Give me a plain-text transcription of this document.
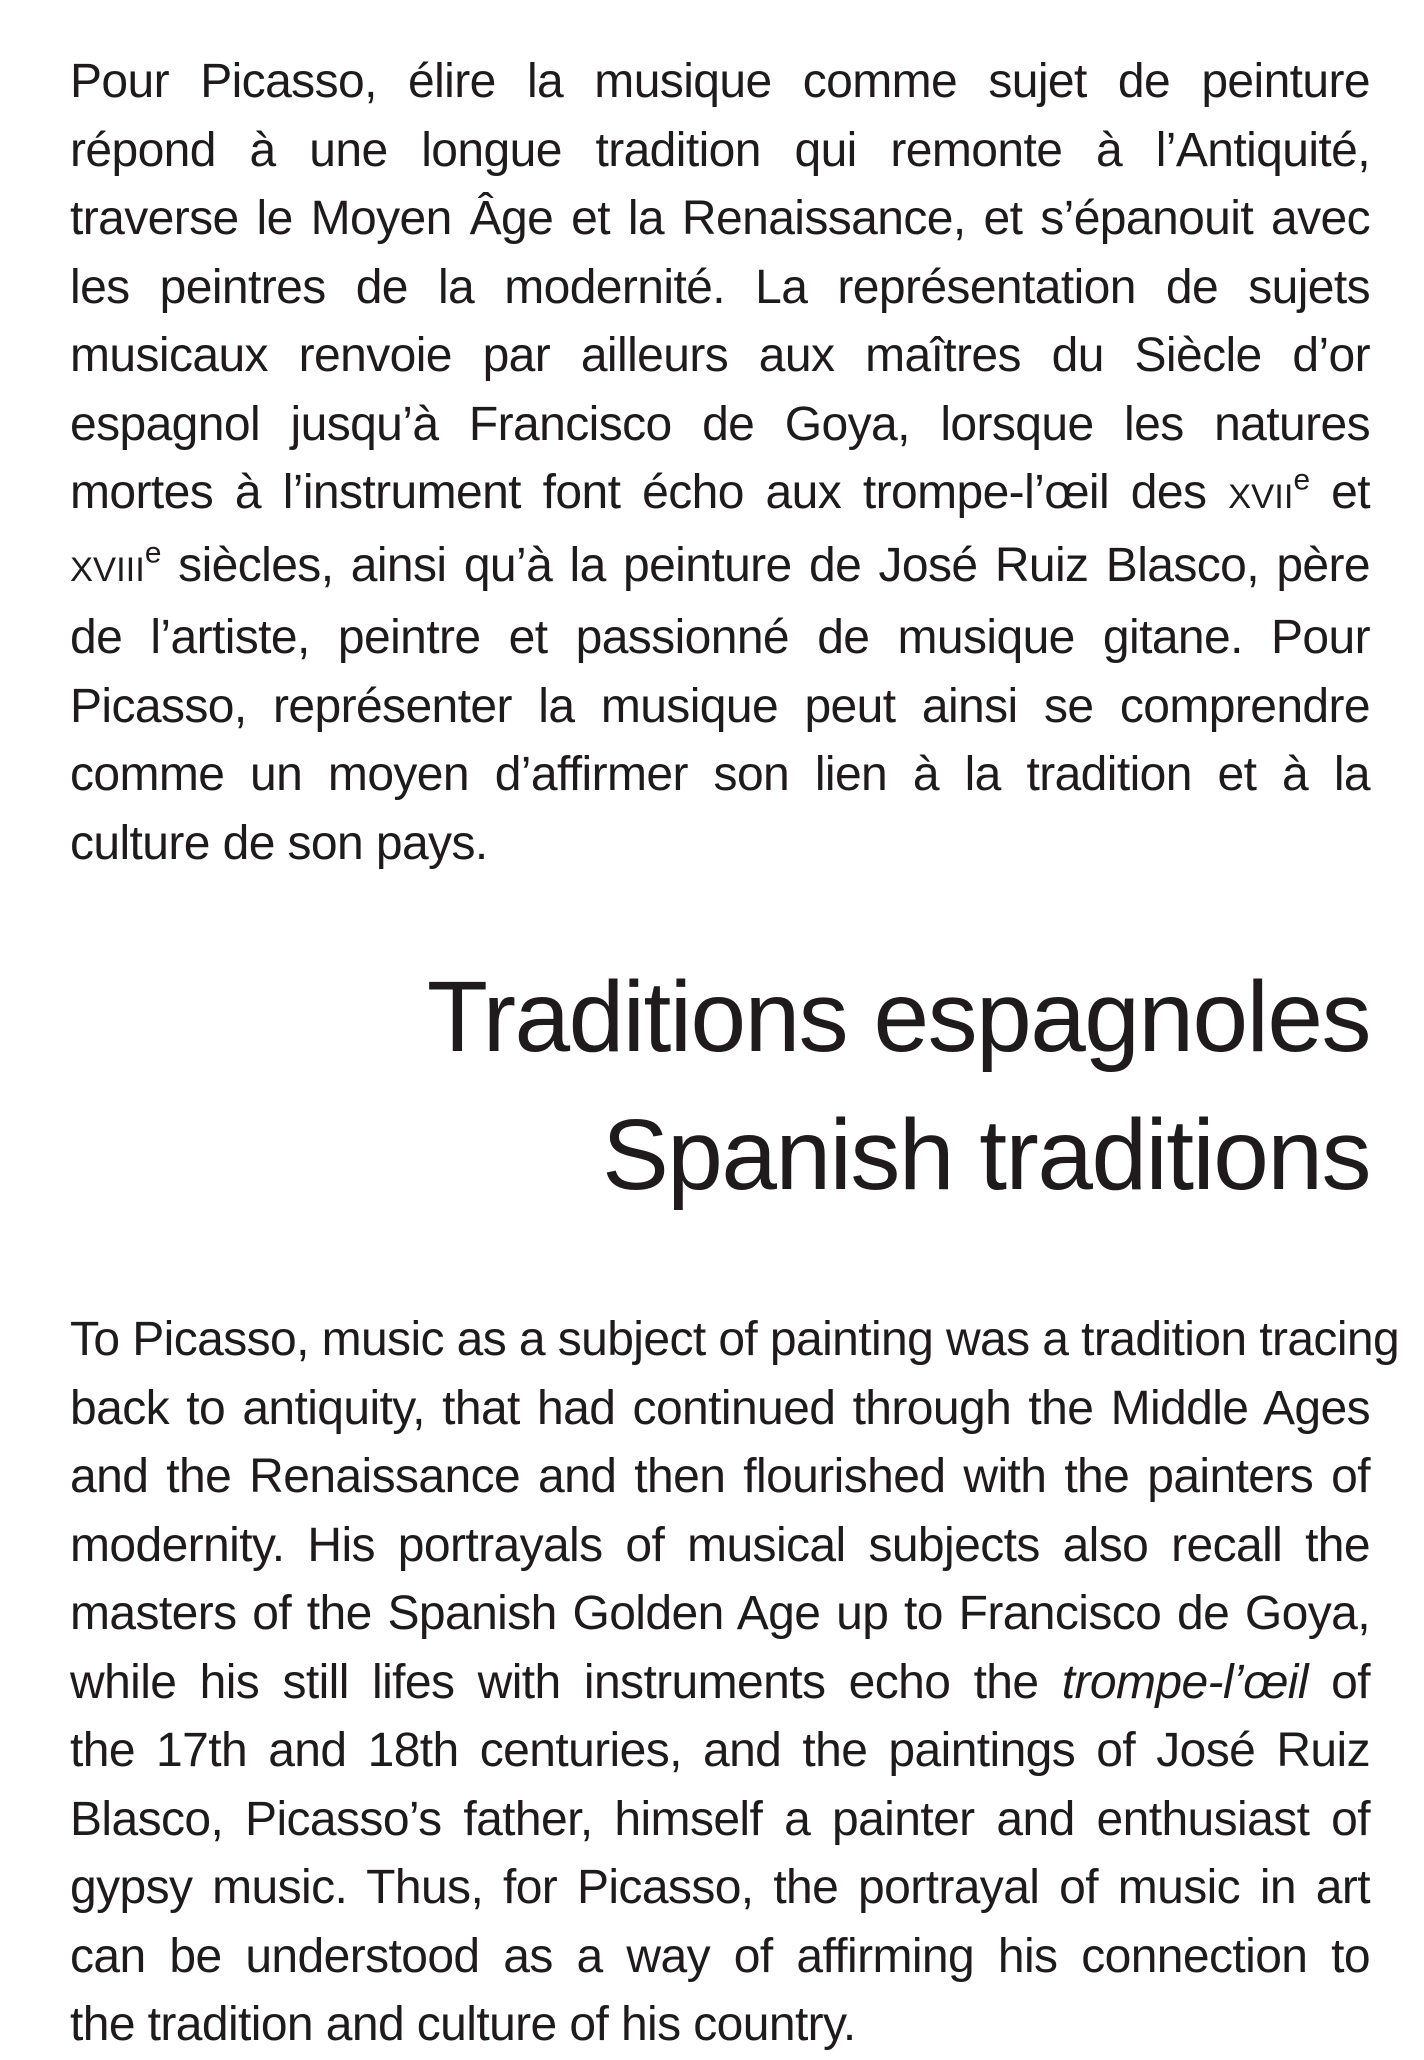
Pour Picasso, élire la musique comme sujet de peinture
répond à une longue tradition qui remonte à l’Antiquité,
traverse le Moyen Âge et la Renaissance, et s’épanouit avec
les peintres de la modernité. La représentation de sujets
musicaux renvoie par ailleurs aux maîtres du Siècle d’or
espagnol jusqu’à Francisco de Goya, lorsque les natures
mortes à l’instrument font écho aux trompe-l’œil des XVIIe et
XVIIIe siècles, ainsi qu’à la peinture de José Ruiz Blasco, père
de l’artiste, peintre et passionné de musique gitane. Pour
Picasso, représenter la musique peut ainsi se comprendre
comme un moyen d’affirmer son lien à la tradition et à la
culture de son pays.

Traditions espagnoles
Spanish traditions

To Picasso, music as a subject of painting was a tradition tracing
back to antiquity, that had continued through the Middle Ages
and the Renaissance and then flourished with the painters of
modernity. His portrayals of musical subjects also recall the
masters of the Spanish Golden Age up to Francisco de Goya,
while his still lifes with instruments echo the trompe-l’œil of
the 17th and 18th centuries, and the paintings of José Ruiz
Blasco, Picasso’s father, himself a painter and enthusiast of
gypsy music. Thus, for Picasso, the portrayal of music in art
can be understood as a way of affirming his connection to
the tradition and culture of his country.
